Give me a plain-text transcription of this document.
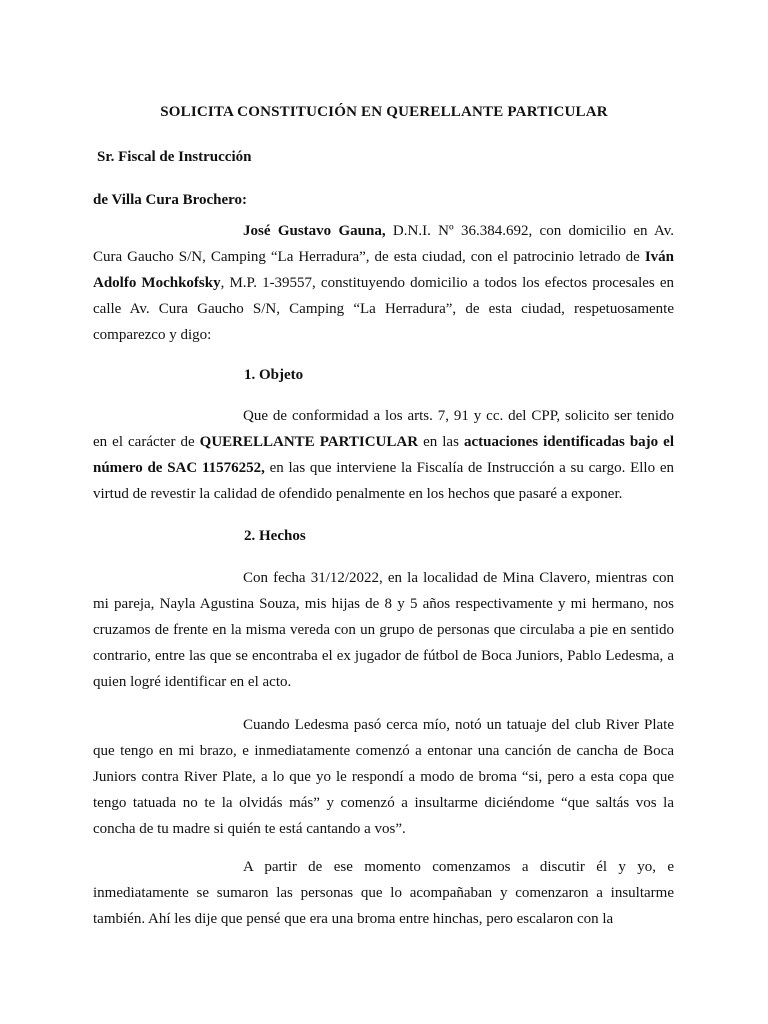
SOLICITA CONSTITUCIÓN EN QUERELLANTE PARTICULAR
Sr. Fiscal de Instrucción
de Villa Cura Brochero:

José Gustavo Gauna, D.N.I. Nº 36.384.692, con domicilio en Av. Cura Gaucho S/N, Camping “La Herradura”, de esta ciudad, con el patrocinio letrado de Iván Adolfo Mochkofsky, M.P. 1-39557, constituyendo domicilio a todos los efectos procesales en calle Av. Cura Gaucho S/N, Camping “La Herradura”, de esta ciudad, respetuosamente comparezco y digo:

1. Objeto

Que de conformidad a los arts. 7, 91 y cc. del CPP, solicito ser tenido en el carácter de QUERELLANTE PARTICULAR en las actuaciones identificadas bajo el número de SAC 11576252, en las que interviene la Fiscalía de Instrucción a su cargo. Ello en virtud de revestir la calidad de ofendido penalmente en los hechos que pasaré a exponer.

2. Hechos

Con fecha 31/12/2022, en la localidad de Mina Clavero, mientras con mi pareja, Nayla Agustina Souza, mis hijas de 8 y 5 años respectivamente y mi hermano, nos cruzamos de frente en la misma vereda con un grupo de personas que circulaba a pie en sentido contrario, entre las que se encontraba el ex jugador de fútbol de Boca Juniors, Pablo Ledesma, a quien logré identificar en el acto.

Cuando Ledesma pasó cerca mío, notó un tatuaje del club River Plate que tengo en mi brazo, e inmediatamente comenzó a entonar una canción de cancha de Boca Juniors contra River Plate, a lo que yo le respondí a modo de broma “si, pero a esta copa que tengo tatuada no te la olvidás más” y comenzó a insultarme diciéndome “que saltás vos la concha de tu madre si quién te está cantando a vos”.

A partir de ese momento comenzamos a discutir él y yo, e inmediatamente se sumaron las personas que lo acompañaban y comenzaron a insultarme también. Ahí les dije que pensé que era una broma entre hinchas, pero escalaron con la
